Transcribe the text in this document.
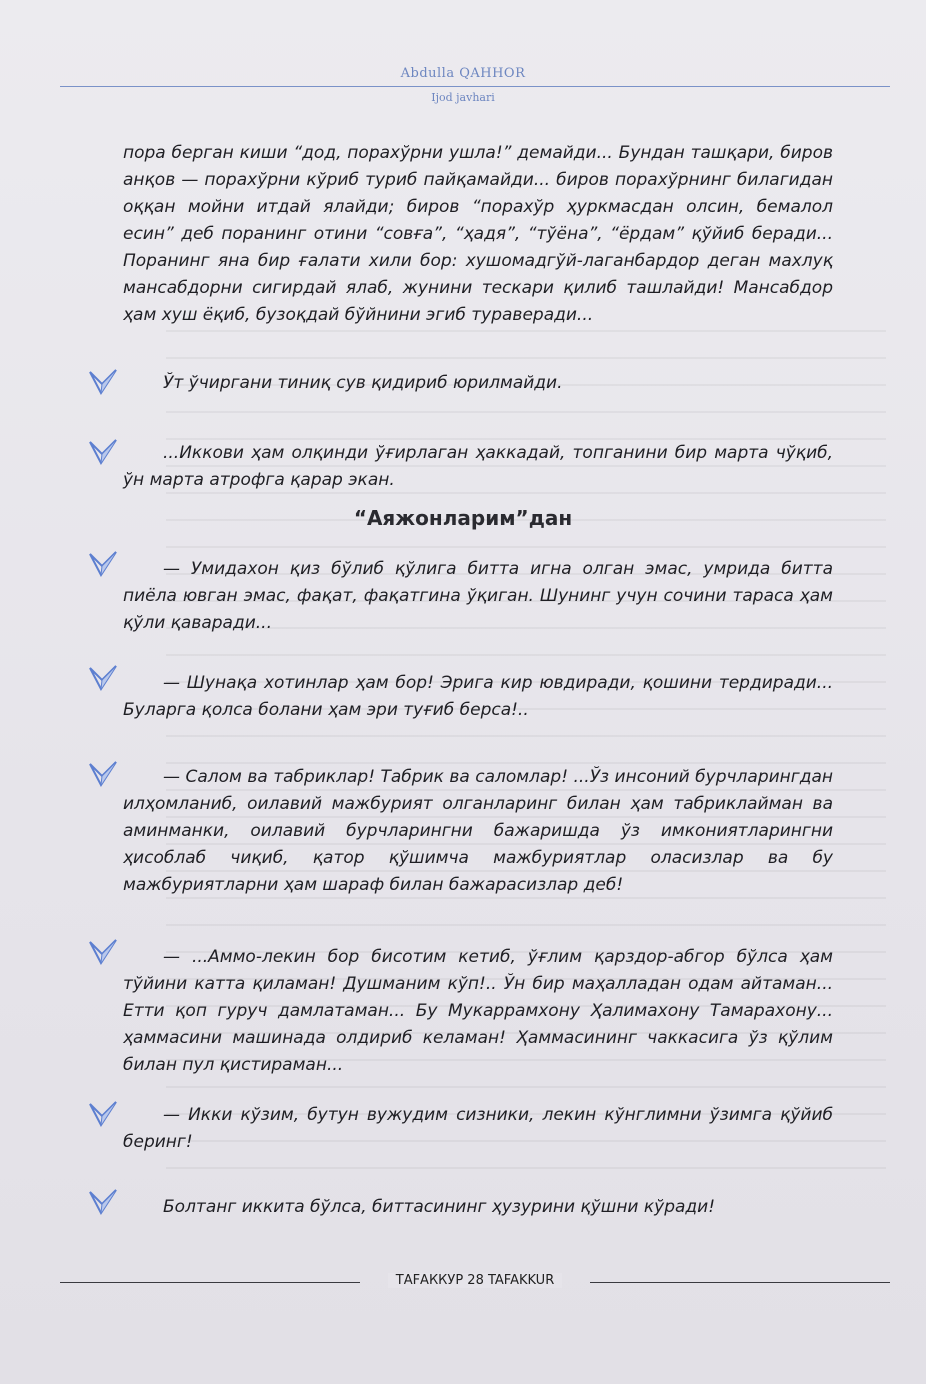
Abdulla QAHHOR
Ijod javhari

пора берган киши “дод, порахўрни ушла!” демайди... Бундан ташқари, биров анқов — порахўрни кўриб туриб пайқамайди... биров порахўрнинг билагидан оққан мойни итдай ялайди; биров “порахўр ҳуркмасдан олсин, бемалол есин” деб поранинг отини “совға”, “ҳадя”, “тўёна”, “ёрдам” қўйиб беради... Поранинг яна бир ғалати хили бор: хушомадгўй-лаганбардор деган махлуқ мансабдорни сигирдай ялаб, жунини тескари қилиб ташлайди! Мансабдор ҳам хуш ёқиб, бузоқдай бўйнини эгиб тураверади...

Ўт ўчиргани тиниқ сув қидириб юрилмайди.

...Иккови ҳам олқинди ўғирлаган ҳаккадай, топганини бир марта чўқиб, ўн марта атрофга қарар экан.

“Аяжонларим”дан

— Умидахон қиз бўлиб қўлига битта игна олган эмас, умрида битта пиёла ювган эмас, фақат, фақатгина ўқиган. Шунинг учун сочини тараса ҳам қўли қаваради...

— Шунақа хотинлар ҳам бор! Эрига кир ювдиради, қошини тердиради... Буларга қолса болани ҳам эри туғиб берса!..

— Салом ва табриклар! Табрик ва саломлар! ...Ўз инсоний бурчларингдан илҳомланиб, оилавий мажбурият олганларинг билан ҳам табриклайман ва аминманки, оилавий бурчларингни бажаришда ўз имкониятларингни ҳисоблаб чиқиб, қатор қўшимча мажбуриятлар оласизлар ва бу мажбуриятларни ҳам шараф билан бажарасизлар деб!

— ...Аммо-лекин бор бисотим кетиб, ўғлим қарздор-абгор бўлса ҳам тўйини катта қиламан! Душманим кўп!.. Ўн бир маҳалладан одам айтаман... Етти қоп гуруч дамлатаман... Бу Мукаррамхону Ҳалимахону Тамарахону... ҳаммасини машинада олдириб келаман! Ҳаммасининг чаккасига ўз қўлим билан пул қистираман...

— Икки кўзим, бутун вужудим сизники, лекин кўнглимни ўзимга қўйиб беринг!

Болтанг иккита бўлса, биттасининг ҳузурини қўшни кўради!

ТАFАККУР 28 TAFAKKUR
